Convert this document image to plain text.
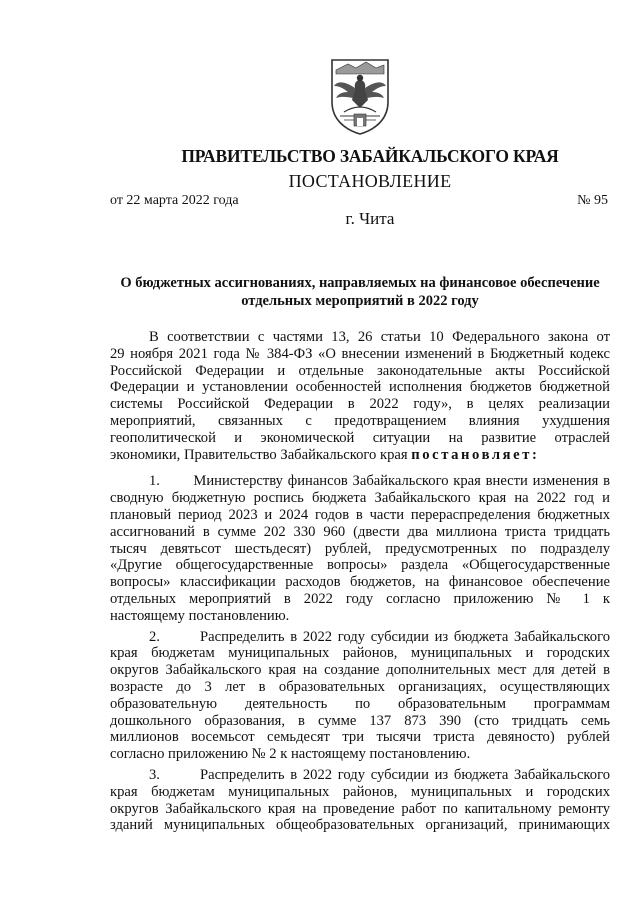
ПРАВИТЕЛЬСТВО ЗАБАЙКАЛЬСКОГО КРАЯ
ПОСТАНОВЛЕНИЕ
от 22 марта 2022 года	№ 95
г. Чита
О бюджетных ассигнованиях, направляемых на финансовое обеспечение
отдельных мероприятий в 2022 году
В соответствии с частями 13, 26 статьи 10 Федерального закона от
29 ноября 2021 года № 384-ФЗ «О внесении изменений в Бюджетный кодекс
Российской Федерации и отдельные законодательные акты Российской
Федерации и установлении особенностей исполнения бюджетов бюджетной
системы Российской Федерации в 2022 году», в целях реализации
мероприятий, связанных с предотвращением влияния ухудшения
геополитической и экономической ситуации на развитие отраслей
экономики, Правительство Забайкальского края постановляет:
1.       Министерству финансов Забайкальского края внести изменения в
сводную бюджетную роспись бюджета Забайкальского края на 2022 год и
плановый период 2023 и 2024 годов в части перераспределения бюджетных
ассигнований в сумме 202 330 960 (двести два миллиона триста тридцать
тысяч девятьсот шестьдесят) рублей, предусмотренных по подразделу
«Другие общегосударственные вопросы» раздела «Общегосударственные
вопросы» классификации расходов бюджетов, на финансовое обеспечение
отдельных мероприятий в 2022 году согласно приложению № 1 к
настоящему постановлению.
2.       Распределить в 2022 году субсидии из бюджета Забайкальского
края бюджетам муниципальных районов, муниципальных и городских
округов Забайкальского края на создание дополнительных мест для детей в
возрасте до 3 лет в образовательных организациях, осуществляющих
образовательную деятельность по образовательным программам
дошкольного образования, в сумме 137 873 390 (сто тридцать семь
миллионов восемьсот семьдесят три тысячи триста девяносто) рублей
согласно приложению № 2 к настоящему постановлению.
3.       Распределить в 2022 году субсидии из бюджета Забайкальского
края бюджетам муниципальных районов, муниципальных и городских
округов Забайкальского края на проведение работ по капитальному ремонту
зданий муниципальных общеобразовательных организаций, принимающих
